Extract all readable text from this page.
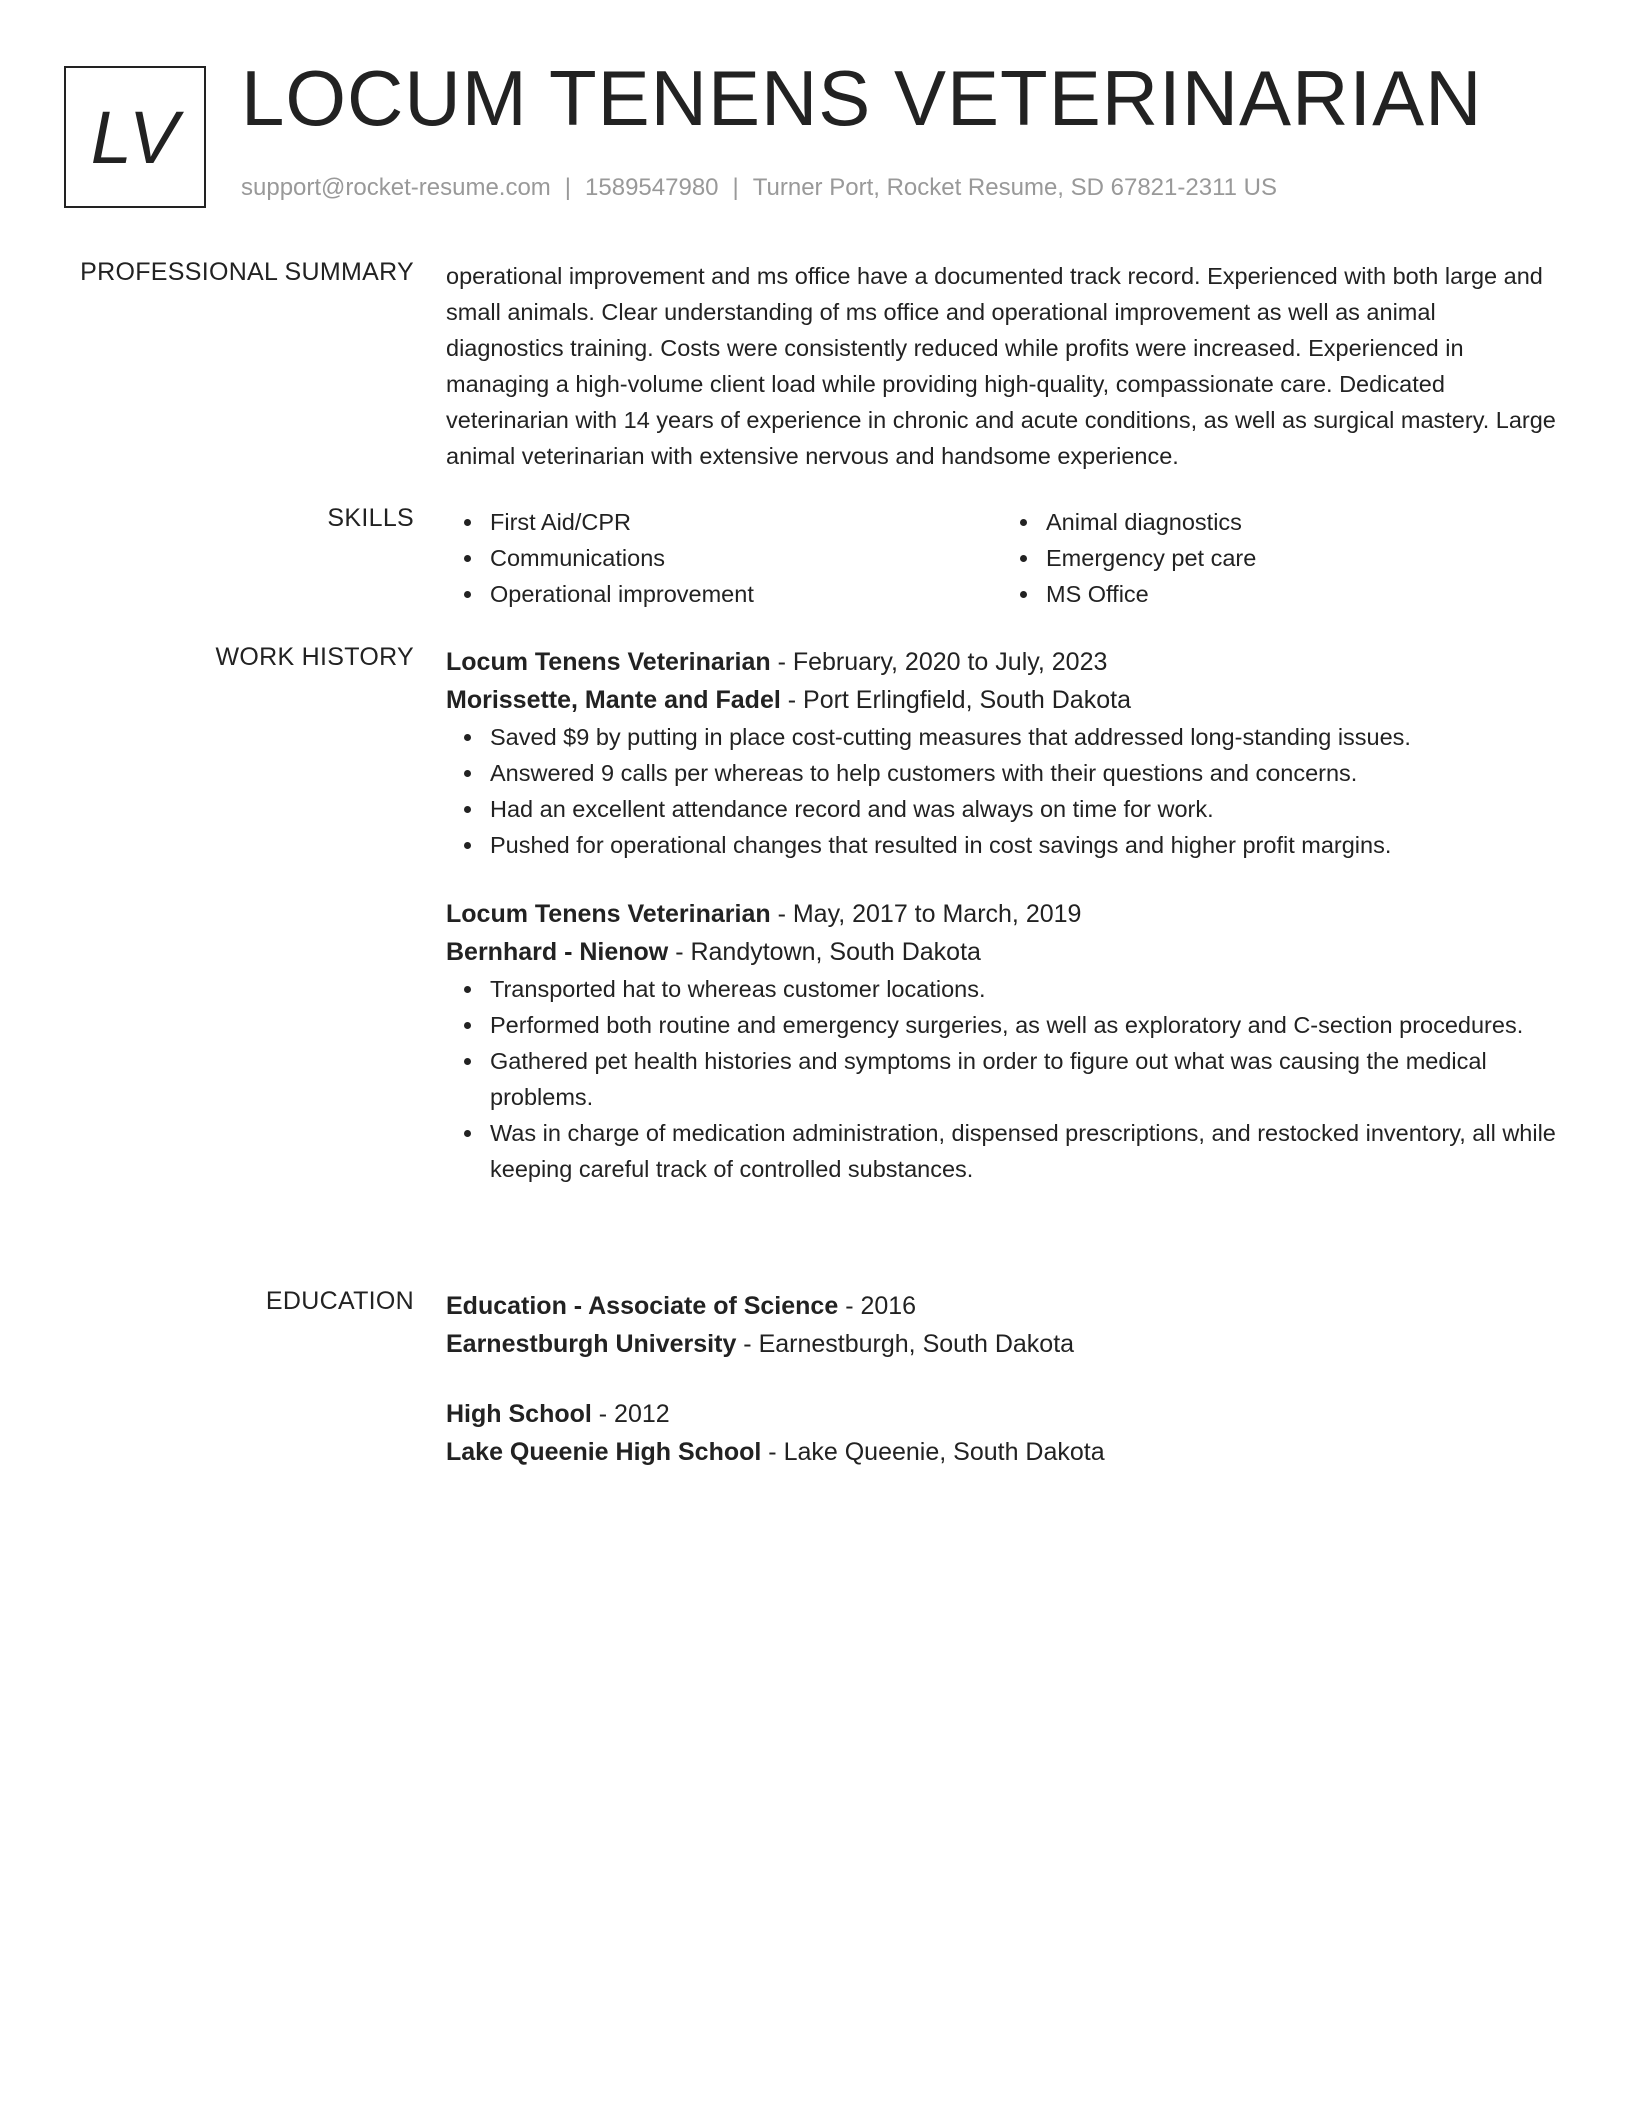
LV LOCUM TENENS VETERINARIAN
support@rocket-resume.com | 1589547980 | Turner Port, Rocket Resume, SD 67821-2311 US
PROFESSIONAL SUMMARY operational improvement and ms office have a documented track record. Experienced with both large and small animals. Clear understanding of ms office and operational improvement as well as animal diagnostics training. Costs were consistently reduced while profits were increased. Experienced in managing a high-volume client load while providing high-quality, compassionate care. Dedicated veterinarian with 14 years of experience in chronic and acute conditions, as well as surgical mastery. Large animal veterinarian with extensive nervous and handsome experience.

SKILLS	First Aid/CPR
Communications
Operational improvement
Animal diagnostics
Emergency pet care
MS Office
WORK HISTORY Locum Tenens Veterinarian - February, 2020 to July, 2023
Morissette, Mante and Fadel - Port Erlingfield, South Dakota
Saved $9 by putting in place cost-cutting measures that addressed long-standing issues.
Answered 9 calls per whereas to help customers with their questions and concerns.
Had an excellent attendance record and was always on time for work.
Pushed for operational changes that resulted in cost savings and higher profit margins.
Locum Tenens Veterinarian - May, 2017 to March, 2019
Bernhard - Nienow - Randytown, South Dakota
Transported hat to whereas customer locations.
Performed both routine and emergency surgeries, as well as exploratory and C-section procedures.
Gathered pet health histories and symptoms in order to figure out what was causing the medical problems.
Was in charge of medication administration, dispensed prescriptions, and restocked inventory, all while keeping careful track of controlled substances.
EDUCATION Education - Associate of Science - 2016
Earnestburgh University - Earnestburgh, South Dakota
High School - 2012
Lake Queenie High School - Lake Queenie, South Dakota
